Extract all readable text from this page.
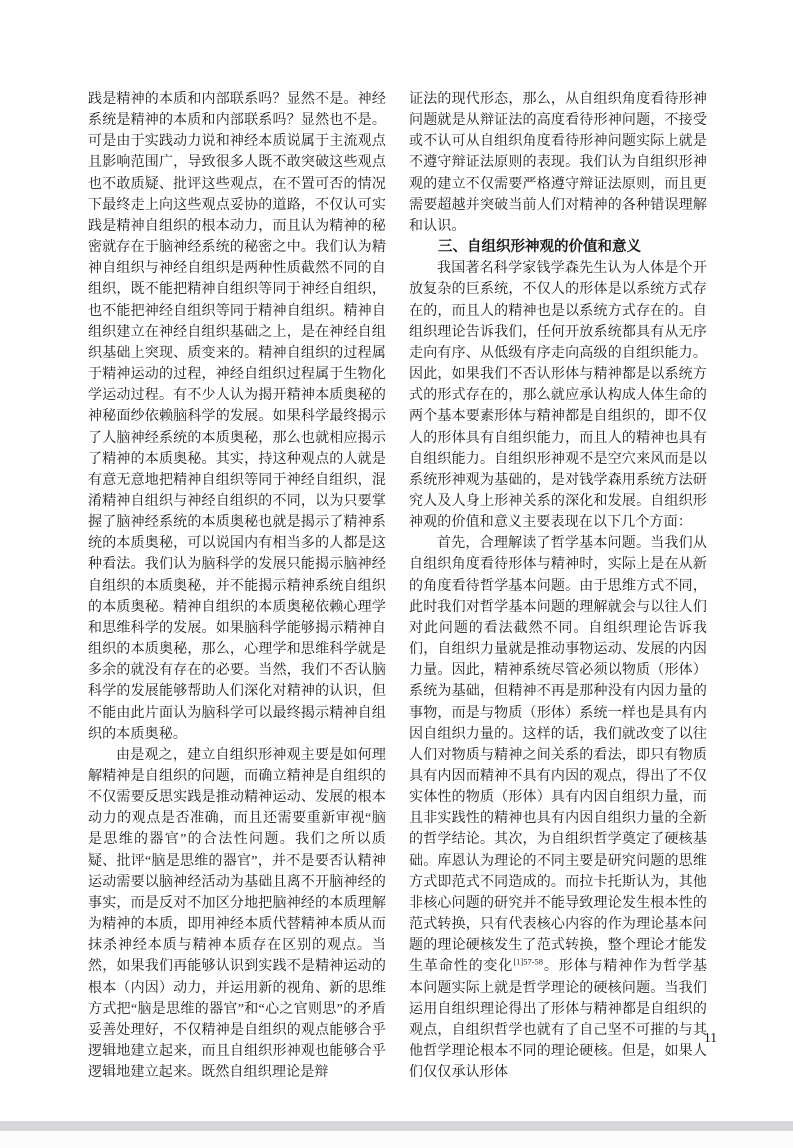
践是精神的本质和内部联系吗？显然不是。神经系统是精神的本质和内部联系吗？显然也不是。可是由于实践动力说和神经本质说属于主流观点且影响范围广，导致很多人既不敢突破这些观点也不敢质疑、批评这些观点，在不置可否的情况下最终走上向这些观点妥协的道路，不仅认可实践是精神自组织的根本动力，而且认为精神的秘密就存在于脑神经系统的秘密之中。我们认为精神自组织与神经自组织是两种性质截然不同的自组织，既不能把精神自组织等同于神经自组织，也不能把神经自组织等同于精神自组织。精神自组织建立在神经自组织基础之上，是在神经自组织基础上突现、质变来的。精神自组织的过程属于精神运动的过程，神经自组织过程属于生物化学运动过程。有不少人认为揭开精神本质奥秘的神秘面纱依赖脑科学的发展。如果科学最终揭示了人脑神经系统的本质奥秘，那么也就相应揭示了精神的本质奥秘。其实，持这种观点的人就是有意无意地把精神自组织等同于神经自组织，混淆精神自组织与神经自组织的不同，以为只要掌握了脑神经系统的本质奥秘也就是揭示了精神系统的本质奥秘，可以说国内有相当多的人都是这种看法。我们认为脑科学的发展只能揭示脑神经自组织的本质奥秘，并不能揭示精神系统自组织的本质奥秘。精神自组织的本质奥秘依赖心理学和思维科学的发展。如果脑科学能够揭示精神自组织的本质奥秘，那么，心理学和思维科学就是多余的就没有存在的必要。当然，我们不否认脑科学的发展能够帮助人们深化对精神的认识，但不能由此片面认为脑科学可以最终揭示精神自组织的本质奥秘。

由是观之，建立自组织形神观主要是如何理解精神是自组织的问题，而确立精神是自组织的不仅需要反思实践是推动精神运动、发展的根本动力的观点是否准确，而且还需要重新审视“脑是思维的器官”的合法性问题。我们之所以质疑、批评“脑是思维的器官”，并不是要否认精神运动需要以脑神经活动为基础且离不开脑神经的事实，而是反对不加区分地把脑神经的本质理解为精神的本质，即用神经本质代替精神本质从而抹杀神经本质与精神本质存在区别的观点。当然，如果我们再能够认识到实践不是精神运动的根本（内因）动力，并运用新的视角、新的思维方式把“脑是思维的器官”和“心之官则思”的矛盾妥善处理好，不仅精神是自组织的观点能够合乎逻辑地建立起来，而且自组织形神观也能够合乎逻辑地建立起来。既然自组织理论是辩

证法的现代形态，那么，从自组织角度看待形神问题就是从辩证法的高度看待形神问题，不接受或不认可从自组织角度看待形神问题实际上就是不遵守辩证法原则的表现。我们认为自组织形神观的建立不仅需要严格遵守辩证法原则，而且更需要超越并突破当前人们对精神的各种错误理解和认识。

三、自组织形神观的价值和意义

我国著名科学家钱学森先生认为人体是个开放复杂的巨系统，不仅人的形体是以系统方式存在的，而且人的精神也是以系统方式存在的。自组织理论告诉我们，任何开放系统都具有从无序走向有序、从低级有序走向高级的自组织能力。因此，如果我们不否认形体与精神都是以系统方式的形式存在的，那么就应承认构成人体生命的两个基本要素形体与精神都是自组织的，即不仅人的形体具有自组织能力，而且人的精神也具有自组织能力。自组织形神观不是空穴来风而是以系统形神观为基础的，是对钱学森用系统方法研究人及人身上形神关系的深化和发展。自组织形神观的价值和意义主要表现在以下几个方面：

首先，合理解读了哲学基本问题。当我们从自组织角度看待形体与精神时，实际上是在从新的角度看待哲学基本问题。由于思维方式不同，此时我们对哲学基本问题的理解就会与以往人们对此问题的看法截然不同。自组织理论告诉我们，自组织力量就是推动事物运动、发展的内因力量。因此，精神系统尽管必须以物质（形体）系统为基础，但精神不再是那种没有内因力量的事物，而是与物质（形体）系统一样也是具有内因自组织力量的。这样的话，我们就改变了以往人们对物质与精神之间关系的看法，即只有物质具有内因而精神不具有内因的观点，得出了不仅实体性的物质（形体）具有内因自组织力量，而且非实践性的精神也具有内因自组织力量的全新的哲学结论。其次，为自组织哲学奠定了硬核基础。库恩认为理论的不同主要是研究问题的思维方式即范式不同造成的。而拉卡托斯认为，其他非核心问题的研究并不能导致理论发生根本性的范式转换，只有代表核心内容的作为理论基本问题的理论硬核发生了范式转换，整个理论才能发生革命性的变化$^{[1]57-58}$。形体与精神作为哲学基本问题实际上就是哲学理论的硬核问题。当我们运用自组织理论得出了形体与精神都是自组织的观点，自组织哲学也就有了自己坚不可摧的与其他哲学理论根本不同的理论硬核。但是，如果人们仅仅承认形体

11
